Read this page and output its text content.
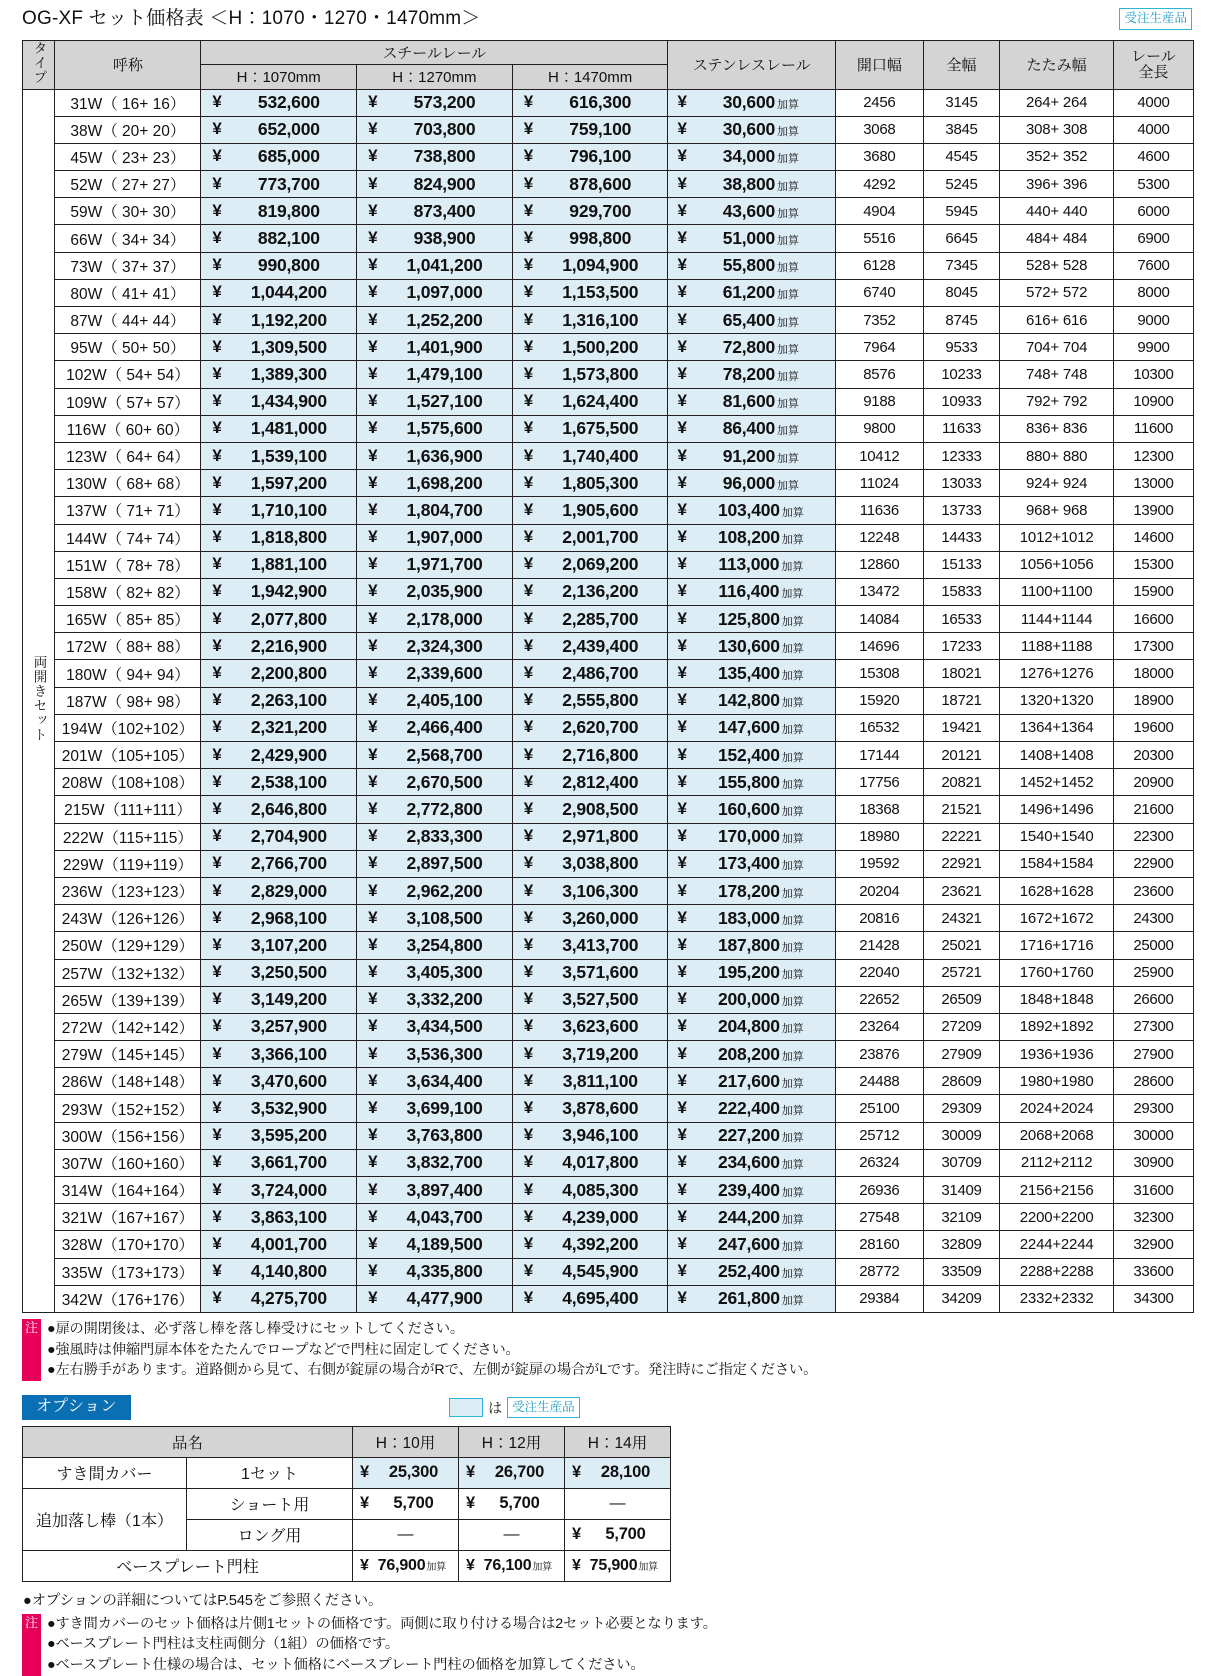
OG-XF セット価格表 ＜H：1070・1270・1470mm＞	受注生産品
タイプ	呼称	スチールレール			ステンレスレール	開口幅	全幅	たたみ幅	レール
全長

		H：1070mm	H：1270mm	H：1470mm					
両開きセット	31W（ 16+ 16）	¥ 532,600	¥ 573,200	¥ 616,300	¥ 30,600 加算	2456	3145	264+ 264	4000
	38W（ 20+ 20）	¥ 652,000	¥ 703,800	¥ 759,100	¥ 30,600 加算	3068	3845	308+ 308	4000
	45W（ 23+ 23）	¥ 685,000	¥ 738,800	¥ 796,100	¥ 34,000 加算	3680	4545	352+ 352	4600
	52W（ 27+ 27）	¥ 773,700	¥ 824,900	¥ 878,600	¥ 38,800 加算	4292	5245	396+ 396	5300
	59W（ 30+ 30）	¥ 819,800	¥ 873,400	¥ 929,700	¥ 43,600 加算	4904	5945	440+ 440	6000
	66W（ 34+ 34）	¥ 882,100	¥ 938,900	¥ 998,800	¥ 51,000 加算	5516	6645	484+ 484	6900
	73W（ 37+ 37）	¥ 990,800	¥ 1,041,200	¥ 1,094,900	¥ 55,800 加算	6128	7345	528+ 528	7600
	80W（ 41+ 41）	¥ 1,044,200	¥ 1,097,000	¥ 1,153,500	¥ 61,200 加算	6740	8045	572+ 572	8000
	87W（ 44+ 44）	¥ 1,192,200	¥ 1,252,200	¥ 1,316,100	¥ 65,400 加算	7352	8745	616+ 616	9000
	95W（ 50+ 50）	¥ 1,309,500	¥ 1,401,900	¥ 1,500,200	¥ 72,800 加算	7964	9533	704+ 704	9900
	102W（ 54+ 54）	¥ 1,389,300	¥ 1,479,100	¥ 1,573,800	¥ 78,200 加算	8576	10233	748+ 748	10300
	109W（ 57+ 57）	¥ 1,434,900	¥ 1,527,100	¥ 1,624,400	¥ 81,600 加算	9188	10933	792+ 792	10900
	116W（ 60+ 60）	¥ 1,481,000	¥ 1,575,600	¥ 1,675,500	¥ 86,400 加算	9800	11633	836+ 836	11600
	123W（ 64+ 64）	¥ 1,539,100	¥ 1,636,900	¥ 1,740,400	¥ 91,200 加算	10412	12333	880+ 880	12300
	130W（ 68+ 68）	¥ 1,597,200	¥ 1,698,200	¥ 1,805,300	¥ 96,000 加算	11024	13033	924+ 924	13000
	137W（ 71+ 71）	¥ 1,710,100	¥ 1,804,700	¥ 1,905,600	¥ 103,400 加算	11636	13733	968+ 968	13900
	144W（ 74+ 74）	¥ 1,818,800	¥ 1,907,000	¥ 2,001,700	¥ 108,200 加算	12248	14433	1012+1012	14600
	151W（ 78+ 78）	¥ 1,881,100	¥ 1,971,700	¥ 2,069,200	¥ 113,000 加算	12860	15133	1056+1056	15300
	158W（ 82+ 82）	¥ 1,942,900	¥ 2,035,900	¥ 2,136,200	¥ 116,400 加算	13472	15833	1100+1100	15900
	165W（ 85+ 85）	¥ 2,077,800	¥ 2,178,000	¥ 2,285,700	¥ 125,800 加算	14084	16533	1144+1144	16600
	172W（ 88+ 88）	¥ 2,216,900	¥ 2,324,300	¥ 2,439,400	¥ 130,600 加算	14696	17233	1188+1188	17300
	180W（ 94+ 94）	¥ 2,200,800	¥ 2,339,600	¥ 2,486,700	¥ 135,400 加算	15308	18021	1276+1276	18000
	187W（ 98+ 98）	¥ 2,263,100	¥ 2,405,100	¥ 2,555,800	¥ 142,800 加算	15920	18721	1320+1320	18900
	194W（102+102）	¥ 2,321,200	¥ 2,466,400	¥ 2,620,700	¥ 147,600 加算	16532	19421	1364+1364	19600
	201W（105+105）	¥ 2,429,900	¥ 2,568,700	¥ 2,716,800	¥ 152,400 加算	17144	20121	1408+1408	20300
	208W（108+108）	¥ 2,538,100	¥ 2,670,500	¥ 2,812,400	¥ 155,800 加算	17756	20821	1452+1452	20900
	215W（111+111）	¥ 2,646,800	¥ 2,772,800	¥ 2,908,500	¥ 160,600 加算	18368	21521	1496+1496	21600
	222W（115+115）	¥ 2,704,900	¥ 2,833,300	¥ 2,971,800	¥ 170,000 加算	18980	22221	1540+1540	22300
	229W（119+119）	¥ 2,766,700	¥ 2,897,500	¥ 3,038,800	¥ 173,400 加算	19592	22921	1584+1584	22900
	236W（123+123）	¥ 2,829,000	¥ 2,962,200	¥ 3,106,300	¥ 178,200 加算	20204	23621	1628+1628	23600
	243W（126+126）	¥ 2,968,100	¥ 3,108,500	¥ 3,260,000	¥ 183,000 加算	20816	24321	1672+1672	24300
	250W（129+129）	¥ 3,107,200	¥ 3,254,800	¥ 3,413,700	¥ 187,800 加算	21428	25021	1716+1716	25000
	257W（132+132）	¥ 3,250,500	¥ 3,405,300	¥ 3,571,600	¥ 195,200 加算	22040	25721	1760+1760	25900
	265W（139+139）	¥ 3,149,200	¥ 3,332,200	¥ 3,527,500	¥ 200,000 加算	22652	26509	1848+1848	26600
	272W（142+142）	¥ 3,257,900	¥ 3,434,500	¥ 3,623,600	¥ 204,800 加算	23264	27209	1892+1892	27300
	279W（145+145）	¥ 3,366,100	¥ 3,536,300	¥ 3,719,200	¥ 208,200 加算	23876	27909	1936+1936	27900
	286W（148+148）	¥ 3,470,600	¥ 3,634,400	¥ 3,811,100	¥ 217,600 加算	24488	28609	1980+1980	28600
	293W（152+152）	¥ 3,532,900	¥ 3,699,100	¥ 3,878,600	¥ 222,400 加算	25100	29309	2024+2024	29300
	300W（156+156）	¥ 3,595,200	¥ 3,763,800	¥ 3,946,100	¥ 227,200 加算	25712	30009	2068+2068	30000
	307W（160+160）	¥ 3,661,700	¥ 3,832,700	¥ 4,017,800	¥ 234,600 加算	26324	30709	2112+2112	30900
	314W（164+164）	¥ 3,724,000	¥ 3,897,400	¥ 4,085,300	¥ 239,400 加算	26936	31409	2156+2156	31600
	321W（167+167）	¥ 3,863,100	¥ 4,043,700	¥ 4,239,000	¥ 244,200 加算	27548	32109	2200+2200	32300
	328W（170+170）	¥ 4,001,700	¥ 4,189,500	¥ 4,392,200	¥ 247,600 加算	28160	32809	2244+2244	32900
	335W（173+173）	¥ 4,140,800	¥ 4,335,800	¥ 4,545,900	¥ 252,400 加算	28772	33509	2288+2288	33600
	342W（176+176）	¥ 4,275,700	¥ 4,477,900	¥ 4,695,400	¥ 261,800 加算	29384	34209	2332+2332	34300
注 ●扉の開閉後は、必ず落し棒を落し棒受けにセットしてください。
●強風時は伸縮門扉本体をたたんでロープなどで門柱に固定してください。
●左右勝手があります。道路側から見て、右側が錠扉の場合がRで、左側が錠扉の場合がLです。発注時にご指定ください。
オプション	は 受注生産品
品名		H：10用	H：12用	H：14用
すき間カバー	1セット	¥ 25,300	¥ 26,700	¥ 28,100
追加落し棒（1本）	ショート用	¥ 5,700	¥ 5,700	—
	ロング用	—	—	¥ 5,700
ベースプレート門柱		¥ 76,900加算	¥ 76,100加算	¥ 75,900加算
●オプションの詳細についてはP.545をご参照ください。
注 ●すき間カバーのセット価格は片側1セットの価格です。両側に取り付ける場合は2セット必要となります。
●ベースプレート門柱は支柱両側分（1組）の価格です。
●ベースプレート仕様の場合は、セット価格にベースプレート門柱の価格を加算してください。
